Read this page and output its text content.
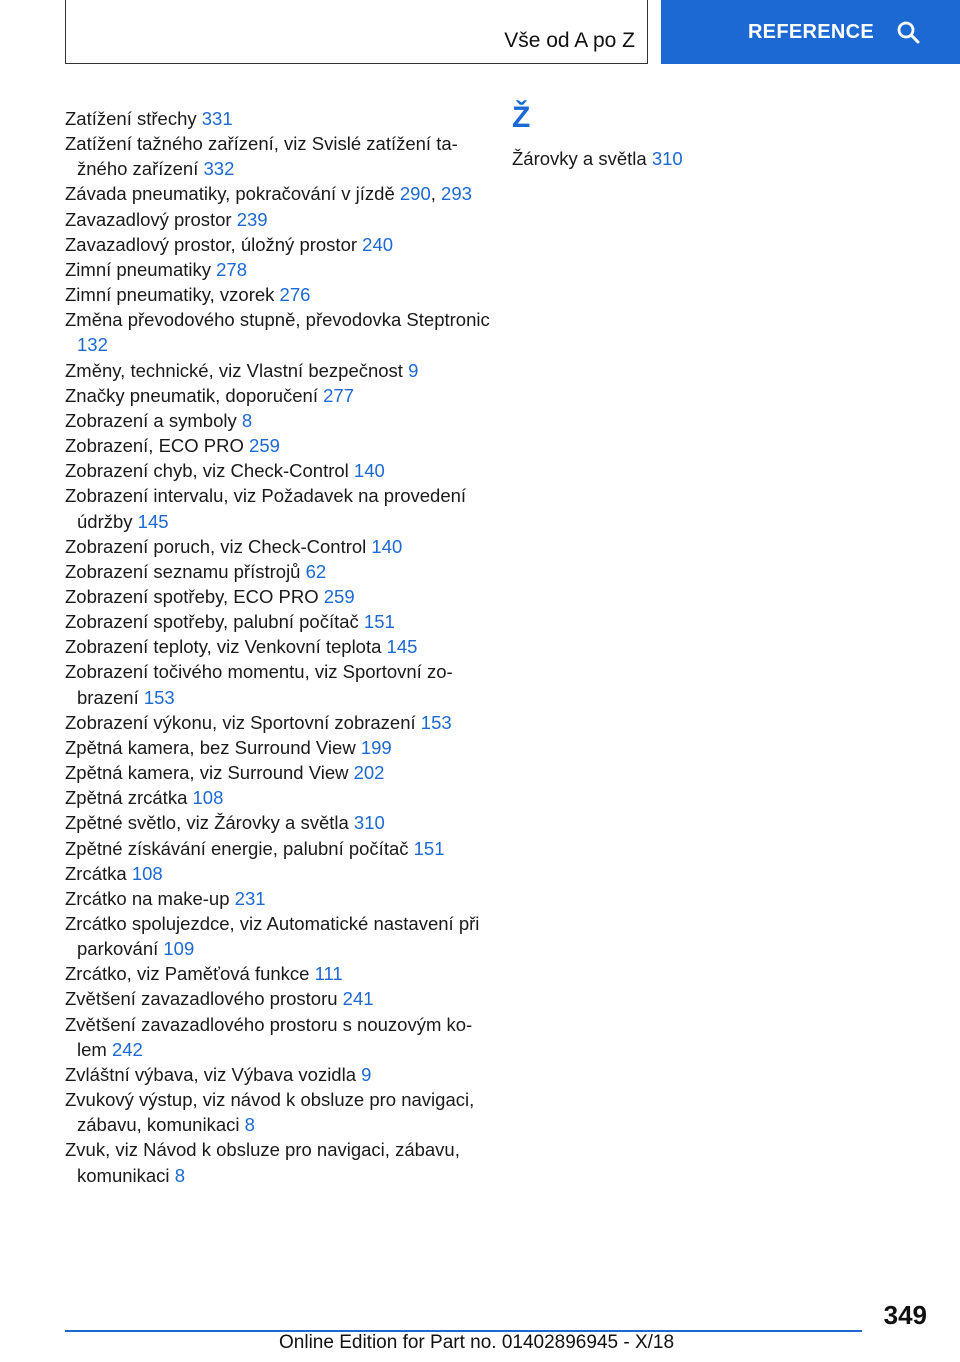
Vše od A po Z	REFERENCE
Zatížení střechy 331
Zatížení tažného zařízení, viz Svislé zatížení tažného zařízení 332
Závada pneumatiky, pokračování v jízdě 290, 293
Zavazadlový prostor 239
Zavazadlový prostor, úložný prostor 240
Zimní pneumatiky 278
Zimní pneumatiky, vzorek 276
Změna převodového stupně, převodovka Steptronic 132
Změny, technické, viz Vlastní bezpečnost 9
Značky pneumatik, doporučení 277
Zobrazení a symboly 8
Zobrazení, ECO PRO 259
Zobrazení chyb, viz Check-Control 140
Zobrazení intervalu, viz Požadavek na provedení údržby 145
Zobrazení poruch, viz Check-Control 140
Zobrazení seznamu přístrojů 62
Zobrazení spotřeby, ECO PRO 259
Zobrazení spotřeby, palubní počítač 151
Zobrazení teploty, viz Venkovní teplota 145
Zobrazení točivého momentu, viz Sportovní zobrazení 153
Zobrazení výkonu, viz Sportovní zobrazení 153
Zpětná kamera, bez Surround View 199
Zpětná kamera, viz Surround View 202
Zpětná zrcátka 108
Zpětné světlo, viz Žárovky a světla 310
Zpětné získávání energie, palubní počítač 151
Zrcátka 108
Zrcátko na make-up 231
Zrcátko spolujezdce, viz Automatické nastavení při parkování 109
Zrcátko, viz Paměťová funkce 111
Zvětšení zavazadlového prostoru 241
Zvětšení zavazadlového prostoru s nouzovým kolem 242
Zvláštní výbava, viz Výbava vozidla 9
Zvukový výstup, viz návod k obsluze pro navigaci, zábavu, komunikaci 8
Zvuk, viz Návod k obsluze pro navigaci, zábavu, komunikaci 8
Ž
Žárovky a světla 310
349
Online Edition for Part no. 01402896945 - X/18
